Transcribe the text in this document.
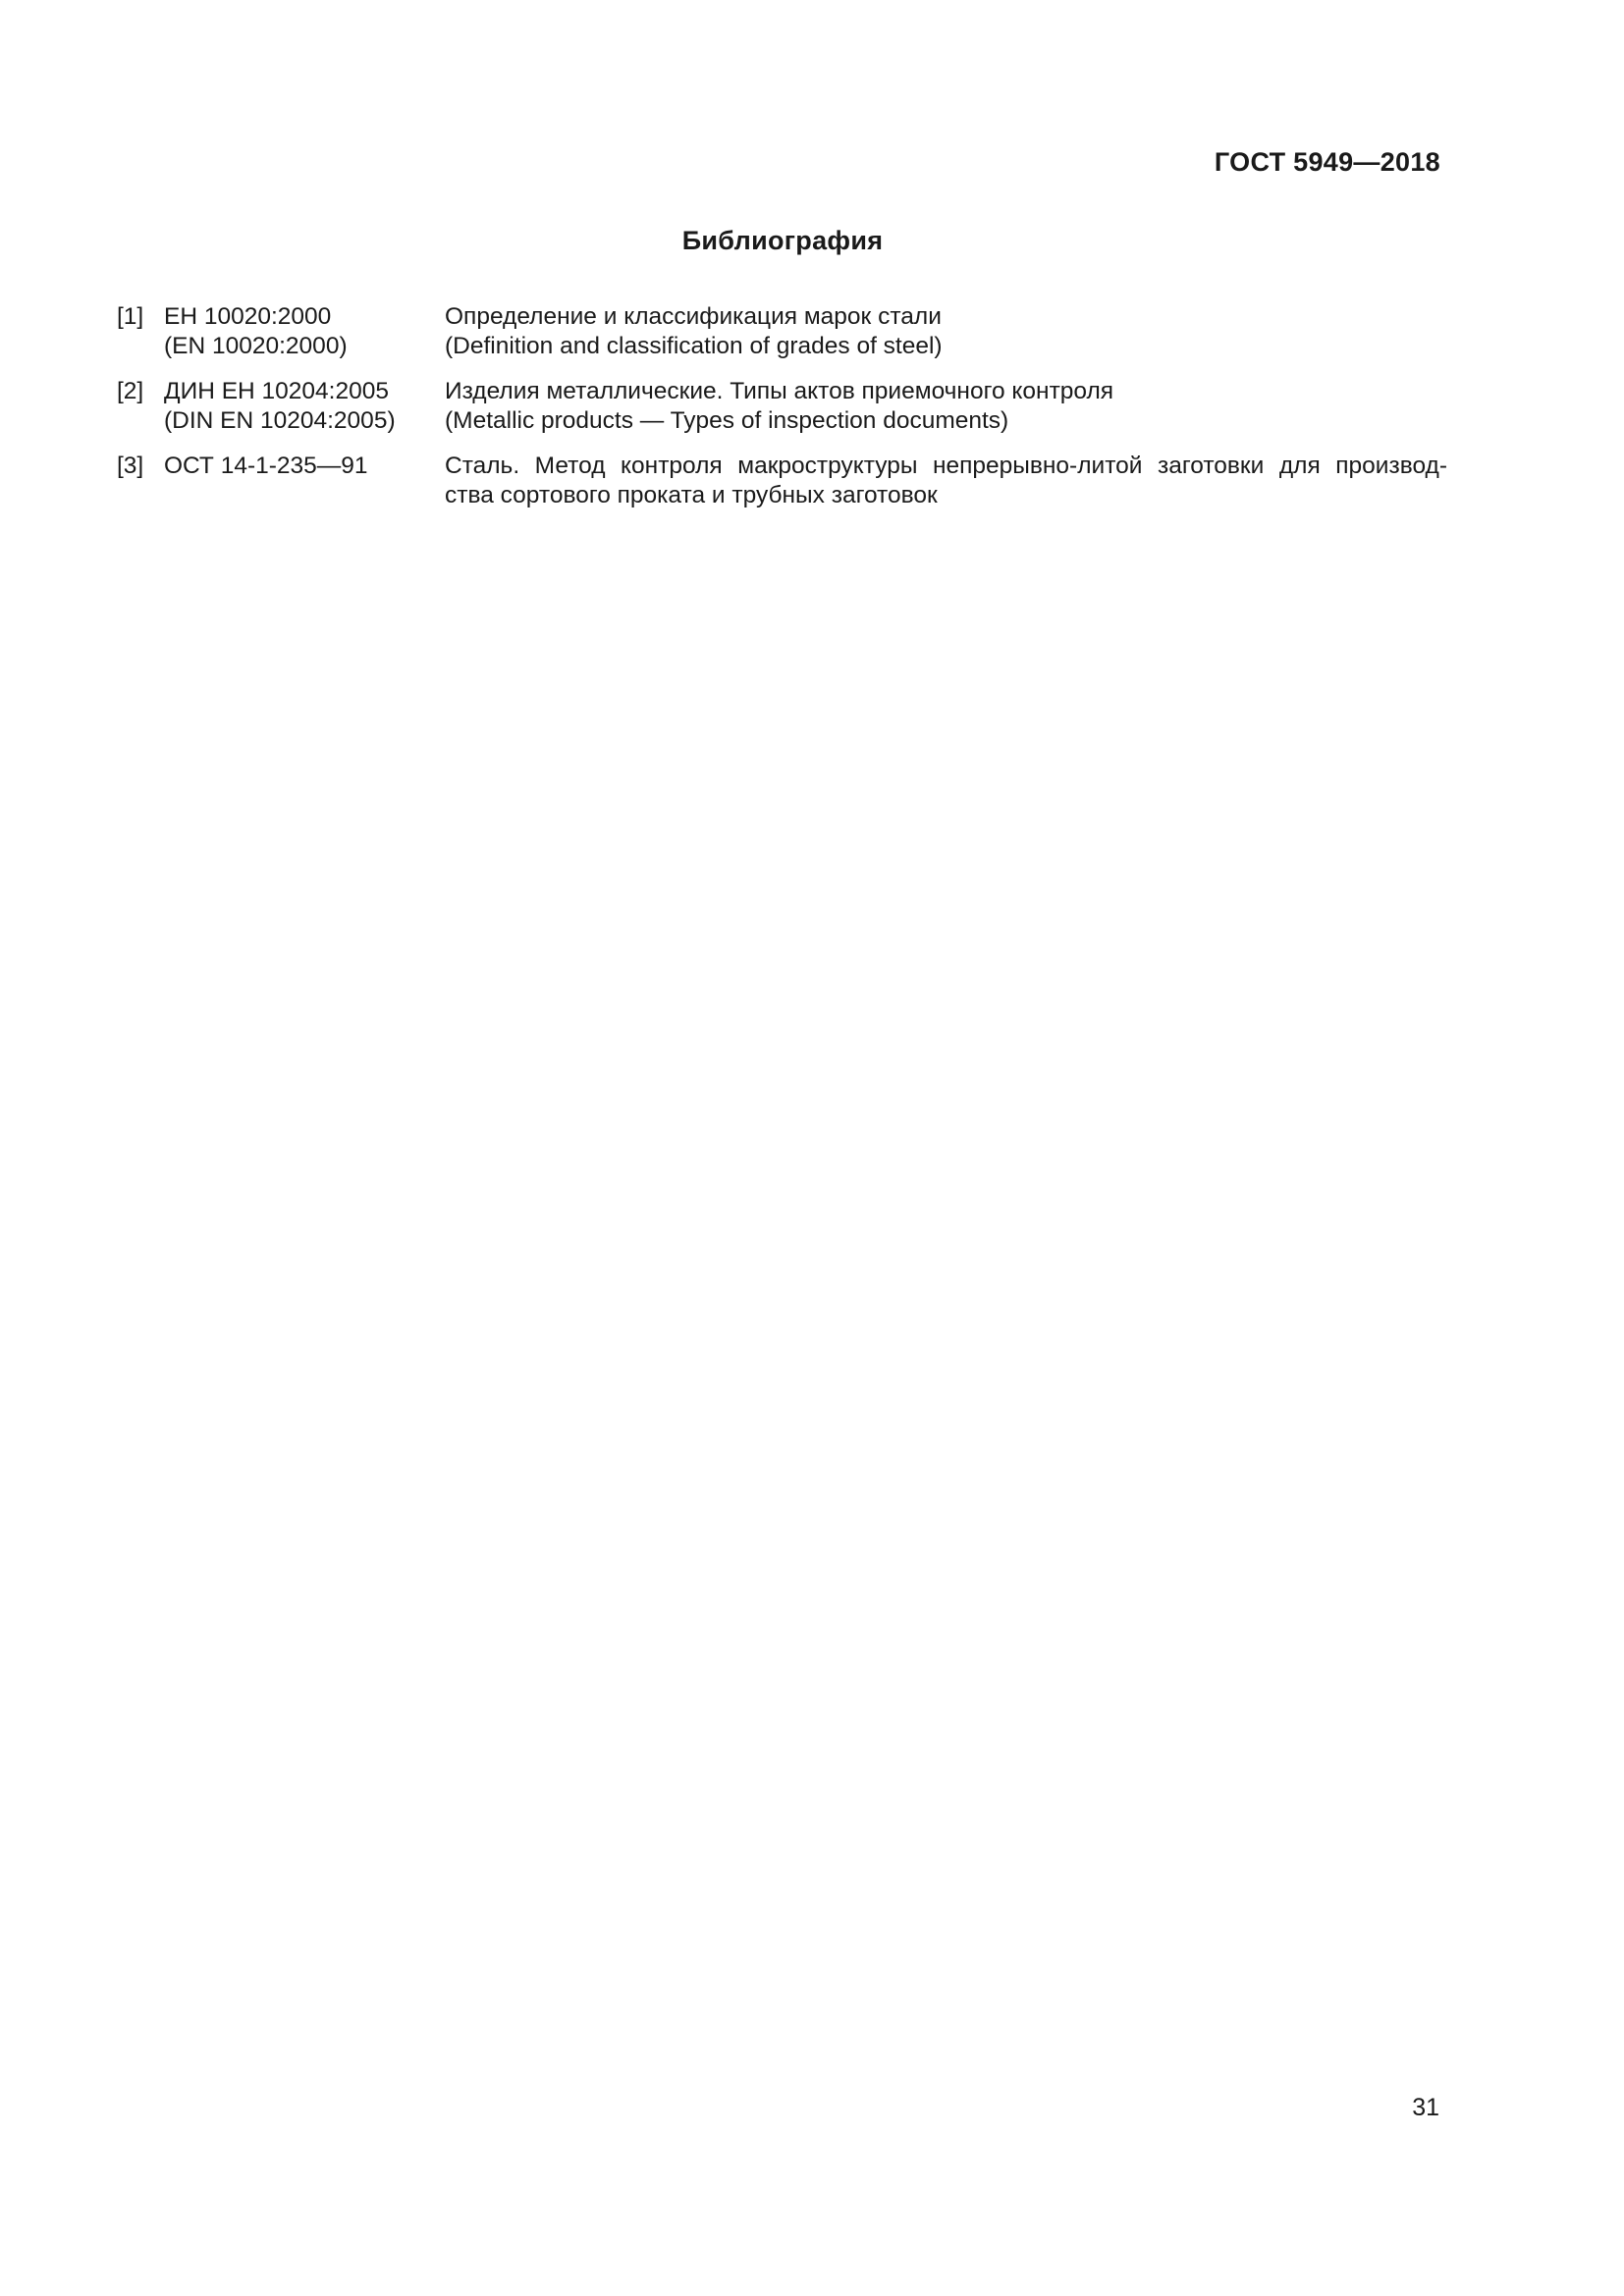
ГОСТ 5949—2018
Библиография
[1] ЕН 10020:2000
(EN 10020:2000)
Определение и классификация марок стали
(Definition and classification of grades of steel)
[2] ДИН ЕН 10204:2005
(DIN EN 10204:2005)
Изделия металлические. Типы актов приемочного контроля
(Metallic products — Types of inspection documents)
[3] ОСТ 14-1-235—91	Сталь. Метод контроля макроструктуры непрерывно-литой заготовки для производ-
ства сортового проката и трубных заготовок
31
